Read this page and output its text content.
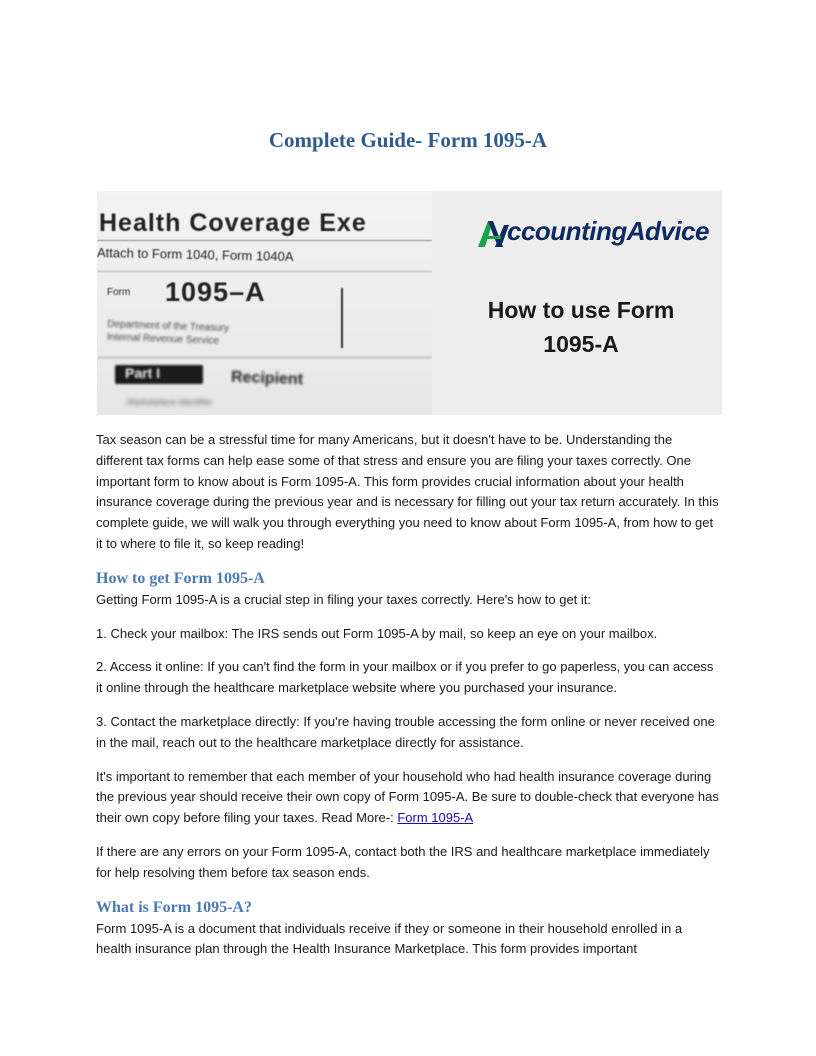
Complete Guide- Form 1095-A
Health Coverage Exe
Attach to Form 1040, Form 1040A
Form 1095–A
Department of the Treasury
Internal Revenue Service
Part I	Recipient
Marketplace identifier
ccountingAdvice
How to use Form
1095-A

Tax season can be a stressful time for many Americans, but it doesn't have to be. Understanding the different tax forms can help ease some of that stress and ensure you are filing your taxes correctly. One important form to know about is Form 1095-A. This form provides crucial information about your health insurance coverage during the previous year and is necessary for filling out your tax return accurately. In this complete guide, we will walk you through everything you need to know about Form 1095-A, from how to get it to where to file it, so keep reading!

How to get Form 1095-A

Getting Form 1095-A is a crucial step in filing your taxes correctly. Here's how to get it:

1. Check your mailbox: The IRS sends out Form 1095-A by mail, so keep an eye on your mailbox.

2. Access it online: If you can't find the form in your mailbox or if you prefer to go paperless, you can access it online through the healthcare marketplace website where you purchased your insurance.

3. Contact the marketplace directly: If you're having trouble accessing the form online or never received one in the mail, reach out to the healthcare marketplace directly for assistance.

It's important to remember that each member of your household who had health insurance coverage during the previous year should receive their own copy of Form 1095-A. Be sure to double-check that everyone has their own copy before filing your taxes. Read More-: Form 1095-A

If there are any errors on your Form 1095-A, contact both the IRS and healthcare marketplace immediately for help resolving them before tax season ends.

What is Form 1095-A?

Form 1095-A is a document that individuals receive if they or someone in their household enrolled in a health insurance plan through the Health Insurance Marketplace. This form provides important
